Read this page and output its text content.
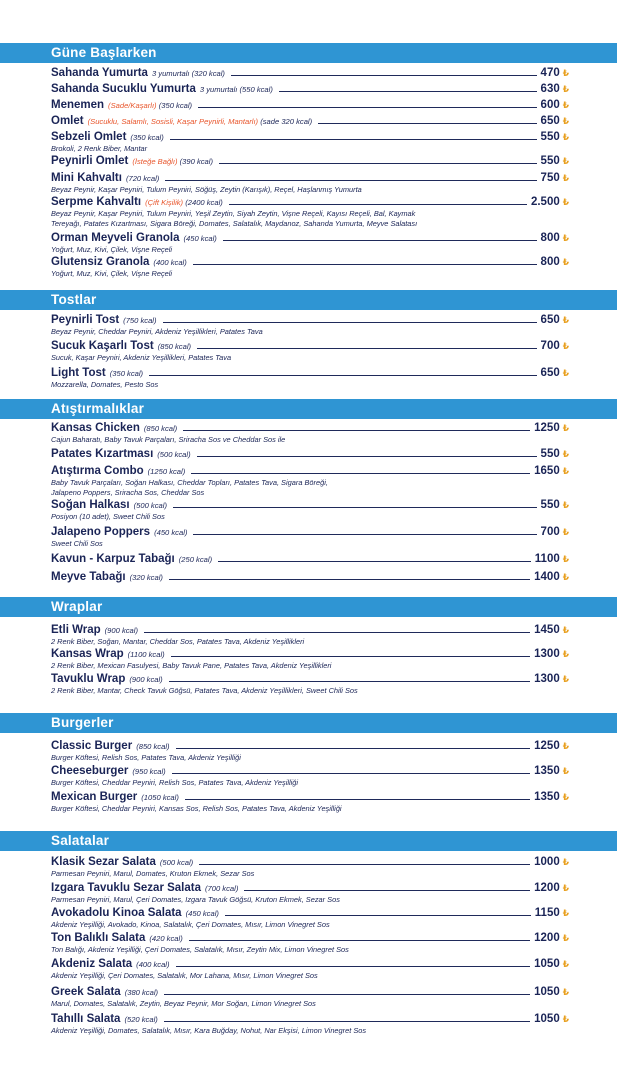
Güne Başlarken
Sahanda Yumurta 3 yumurtalı (320 kcal)	470 ₺
Sahanda Sucuklu Yumurta 3 yumurtalı (550 kcal)	630 ₺
Menemen (Sade/Kaşarlı) (350 kcal)	600 ₺
Omlet (Sucuklu, Salamlı, Sosisli, Kaşar Peynirli, Mantarlı) (sade 320 kcal)	650 ₺
Sebzeli Omlet (350 kcal)	550 ₺
Brokoli, 2 Renk Biber, Mantar
Peynirli Omlet (İsteğe Bağlı) (390 kcal)	550 ₺
Mini Kahvaltı (720 kcal)	750 ₺
Beyaz Peynir, Kaşar Peyniri, Tulum Peyniri, Söğüş, Zeytin (Karışık), Reçel, Haşlanmış Yumurta
Serpme Kahvaltı (Çift Kişilik) (2400 kcal)	2.500 ₺
Beyaz Peynir, Kaşar Peyniri, Tulum Peyniri, Yeşil Zeytin, Siyah Zeytin, Vişne Reçeli, Kayısı Reçeli, Bal, Kaymak
Tereyağı, Patates Kızartması, Sigara Böreği, Domates, Salatalık, Maydanoz, Sahanda Yumurta, Meyve Salatası
Orman Meyveli Granola (450 kcal)	800 ₺
Yoğurt, Muz, Kivi, Çilek, Vişne Reçeli
Glutensiz Granola (400 kcal)	800 ₺
Yoğurt, Muz, Kivi, Çilek, Vişne Reçeli
Tostlar
Peynirli Tost (750 kcal)	650 ₺
Beyaz Peynir, Cheddar Peyniri, Akdeniz Yeşillikleri, Patates Tava
Sucuk Kaşarlı Tost (850 kcal)	700 ₺
Sucuk, Kaşar Peyniri, Akdeniz Yeşillikleri, Patates Tava
Light Tost (350 kcal)	650 ₺
Mozzarella, Domates, Pesto Sos
Atıştırmalıklar
Kansas Chicken (850 kcal)	1250 ₺
Cajun Baharatı, Baby Tavuk Parçaları, Sriracha Sos ve Cheddar Sos ile
Patates Kızartması (500 kcal)	550 ₺
Atıştırma Combo (1250 kcal)	1650 ₺
Baby Tavuk Parçaları, Soğan Halkası, Cheddar Topları, Patates Tava, Sigara Böreği,
Jalapeno Poppers, Sriracha Sos, Cheddar Sos
Soğan Halkası (500 kcal)	550 ₺
Posiyon (10 adet), Sweet Chili Sos
Jalapeno Poppers (450 kcal)	700 ₺
Sweet Chili Sos
Kavun - Karpuz Tabağı (250 kcal)	1100 ₺
Meyve Tabağı (320 kcal)	1400 ₺
Wraplar
Etli Wrap (900 kcal)	1450 ₺
2 Renk Biber, Soğan, Mantar, Cheddar Sos, Patates Tava, Akdeniz Yeşillikleri
Kansas Wrap (1100 kcal)	1300 ₺
2 Renk Biber, Mexican Fasulyesi, Baby Tavuk Pane, Patates Tava, Akdeniz Yeşillikleri
Tavuklu Wrap (900 kcal)	1300 ₺
2 Renk Biber, Mantar, Check Tavuk Göğsü, Patates Tava, Akdeniz Yeşillikleri, Sweet Chili Sos
Burgerler
Classic Burger (850 kcal)	1250 ₺
Burger Köftesi, Relish Sos, Patates Tava, Akdeniz Yeşilliği
Cheeseburger (950 kcal)	1350 ₺
Burger Köftesi, Cheddar Peyniri, Relish Sos, Patates Tava, Akdeniz Yeşilliği
Mexican Burger (1050 kcal)	1350 ₺
Burger Köftesi, Cheddar Peyniri, Kansas Sos, Relish Sos, Patates Tava, Akdeniz Yeşilliği
Salatalar
Klasik Sezar Salata (500 kcal)	1000 ₺
Parmesan Peyniri, Marul, Domates, Kruton Ekmek, Sezar Sos
Izgara Tavuklu Sezar Salata (700 kcal)	1200 ₺
Parmesan Peyniri, Marul, Çeri Domates, Izgara Tavuk Göğsü, Kruton Ekmek, Sezar Sos
Avokadolu Kinoa Salata (450 kcal)	1150 ₺
Akdeniz Yeşilliği, Avokado, Kinoa, Salatalık, Çeri Domates, Mısır, Limon Vinegret Sos
Ton Balıklı Salata (420 kcal)	1200 ₺
Ton Balığı, Akdeniz Yeşilliği, Çeri Domates, Salatalık, Mısır, Zeytin Mix, Limon Vinegret Sos
Akdeniz Salata (400 kcal)	1050 ₺
Akdeniz Yeşilliği, Çeri Domates, Salatalık, Mor Lahana, Mısır, Limon Vinegret Sos
Greek Salata (380 kcal)	1050 ₺
Marul, Domates, Salatalık, Zeytin, Beyaz Peynir, Mor Soğan, Limon Vinegret Sos
Tahıllı Salata (520 kcal)	1050 ₺
Akdeniz Yeşilliği, Domates, Salatalık, Mısır, Kara Buğday, Nohut, Nar Ekşisi, Limon Vinegret Sos
